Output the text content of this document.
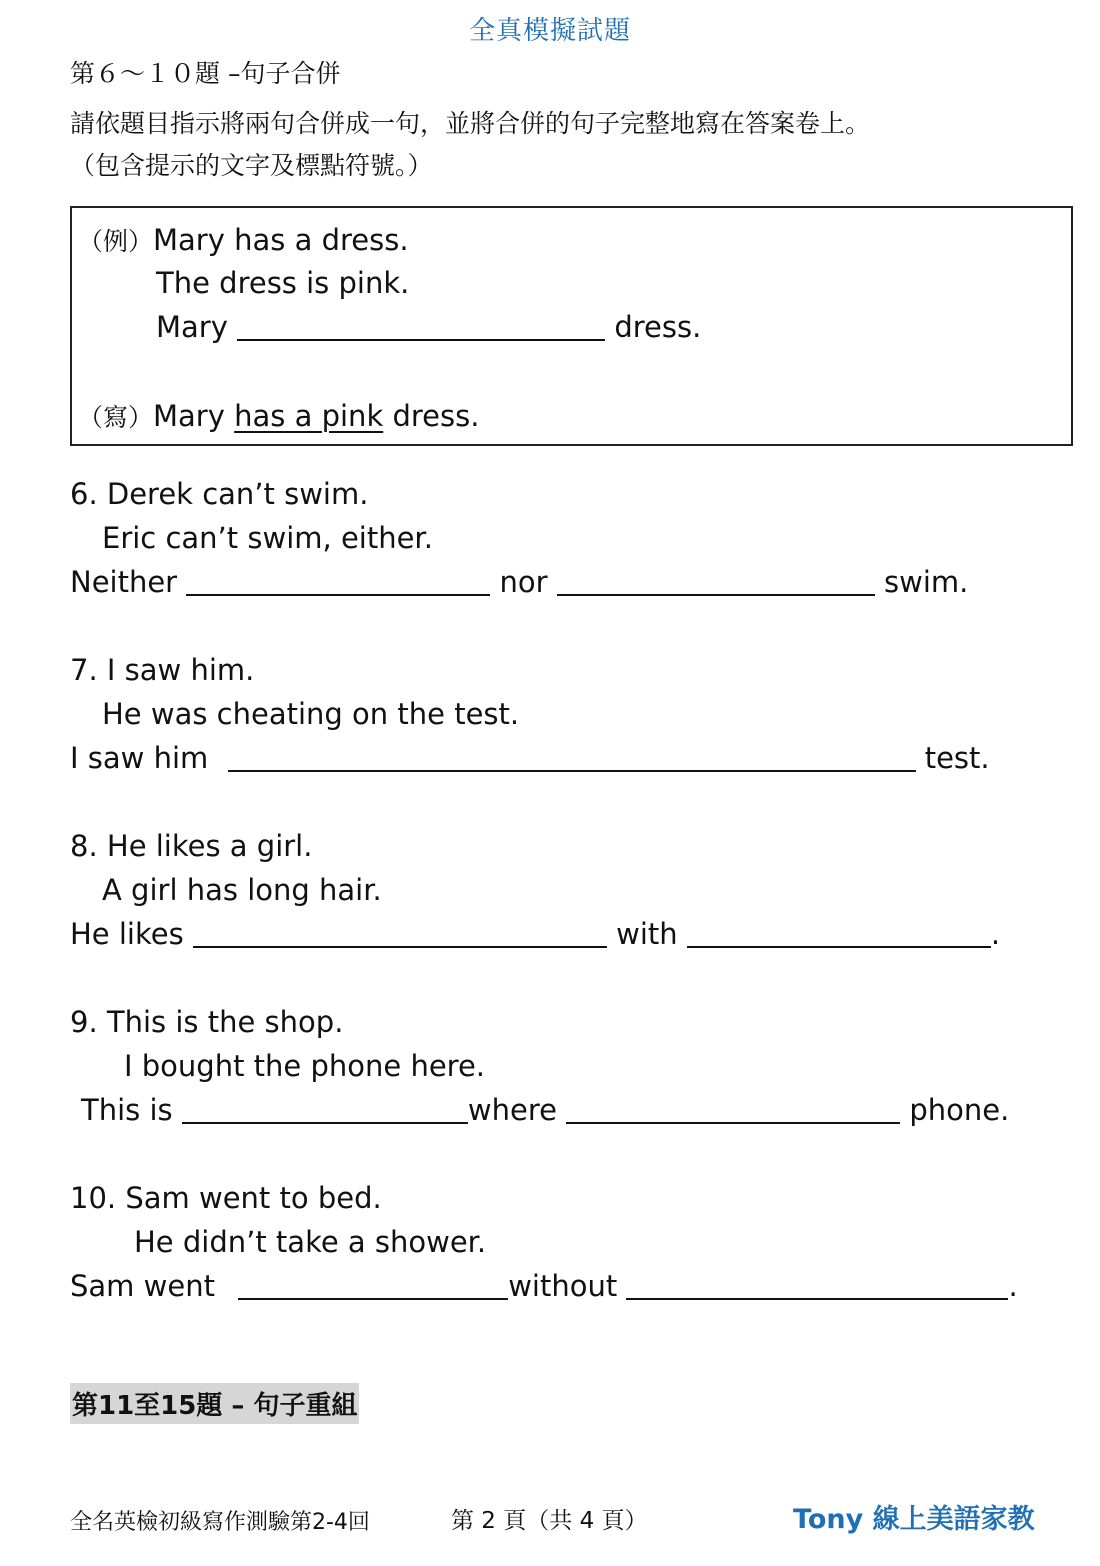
全真模擬試題
第６～１０題 –句子合併
請依題目指示將兩句合併成一句，並將合併的句子完整地寫在答案卷上。
（包含提示的文字及標點符號。）
（例）Mary has a dress.
The dress is pink.
Mary	dress.
（寫）Mary has a pink dress.
6. Derek can’t swim.
Eric can’t swim, either.
Neither	nor	swim.
7. I saw him.
He was cheating on the test.
I saw him	test.
8. He likes a girl.
A girl has long hair.
He likes	with	.
9. This is the shop.
I bought the phone here.
This is	where	phone.
10. Sam went to bed.
He didn’t take a shower.
Sam went	without	.
第11至15題 – 句子重組
全名英檢初級寫作測驗第2-4回	第 2 頁（共 4 頁）	Tony 線上美語家教
